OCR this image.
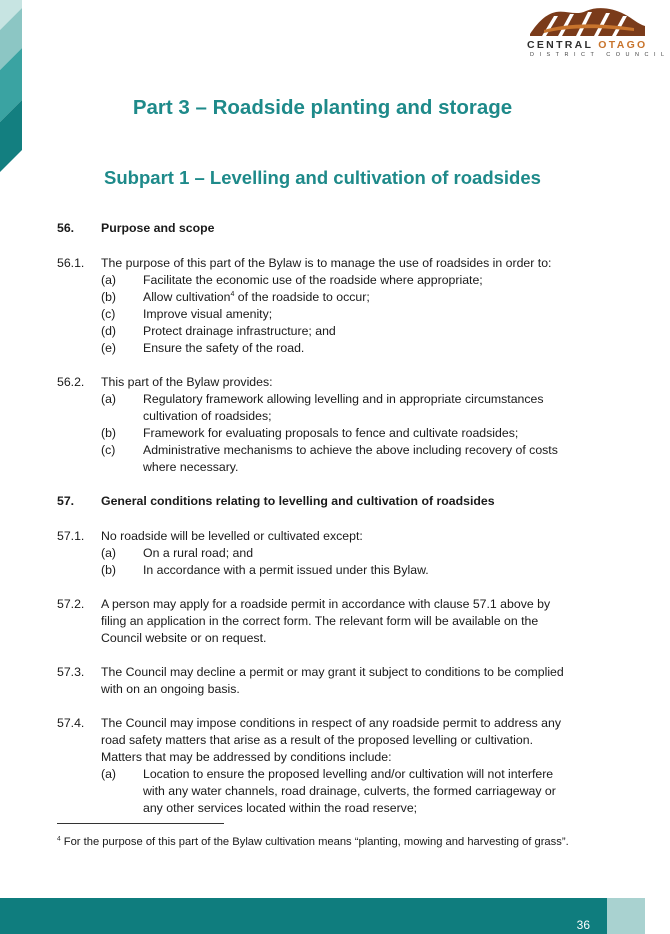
CENTRAL OTAGO
DISTRICT COUNCIL
Part 3 – Roadside planting and storage
Subpart 1 – Levelling and cultivation of roadsides
56. Purpose and scope
56.1. The purpose of this part of the Bylaw is to manage the use of roadsides in order to:
(a) Facilitate the economic use of the roadside where appropriate;
(b) Allow cultivation$^4$ of the roadside to occur;
(c) Improve visual amenity;
(d) Protect drainage infrastructure; and
(e) Ensure the safety of the road.
56.2. This part of the Bylaw provides:
(a) Regulatory framework allowing levelling and in appropriate circumstances
cultivation of roadsides;
(b) Framework for evaluating proposals to fence and cultivate roadsides;
(c) Administrative mechanisms to achieve the above including recovery of costs
where necessary.
57. General conditions relating to levelling and cultivation of roadsides
57.1. No roadside will be levelled or cultivated except:
(a) On a rural road; and
(b) In accordance with a permit issued under this Bylaw.
57.2. A person may apply for a roadside permit in accordance with clause 57.1 above by
filing an application in the correct form. The relevant form will be available on the
Council website or on request.
57.3. The Council may decline a permit or may grant it subject to conditions to be complied
with on an ongoing basis.
57.4. The Council may impose conditions in respect of any roadside permit to address any
road safety matters that arise as a result of the proposed levelling or cultivation.
Matters that may be addressed by conditions include:
(a) Location to ensure the proposed levelling and/or cultivation will not interfere
with any water channels, road drainage, culverts, the formed carriageway or
any other services located within the road reserve;
$^4$ For the purpose of this part of the Bylaw cultivation means “planting, mowing and harvesting of grass”.
36
